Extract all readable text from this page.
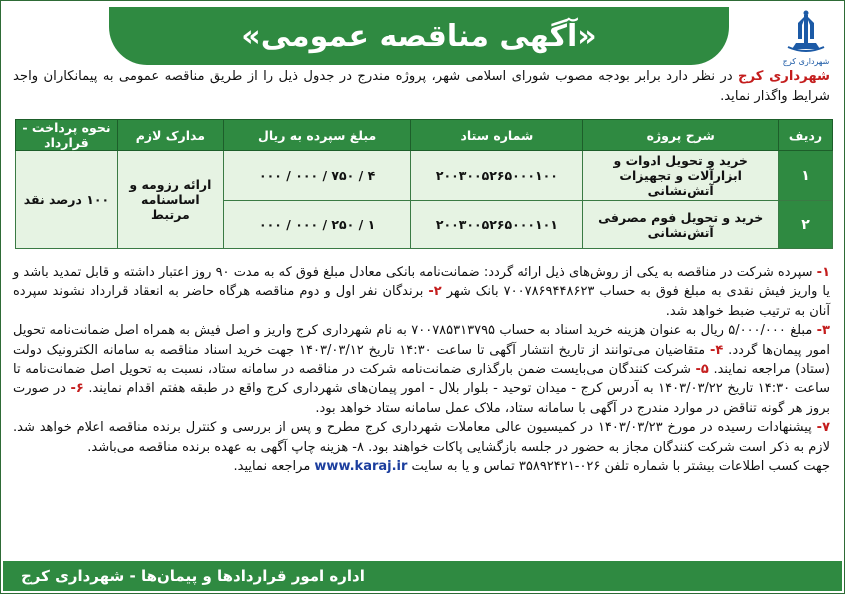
«آگهی مناقصه عمومی»
شهرداری کرج
شهرداری کرج در نظر دارد برابر بودجه مصوب شورای اسلامی شهر، پروژه مندرج در جدول ذیل را از طریق مناقصه عمومی به پیمانکاران واجد شرایط واگذار نماید.
ردیف	شرح پروژه	شماره ستاد	مبلغ سپرده به ریال	مدارک لازم	نحوه پرداخت - قرارداد
۱	خرید و تحویل ادوات و ابزارآلات و تجهیزات آتش‌نشانی	۲۰۰۳۰۰۵۲۶۵۰۰۰۱۰۰	۴ / ۷۵۰ / ۰۰۰ / ۰۰۰	ارائه رزومه و اساسنامه مرتبط	۱۰۰ درصد نقد
۲	خرید و تحویل فوم مصرفی آتش‌نشانی	۲۰۰۳۰۰۵۲۶۵۰۰۰۱۰۱	۱ / ۲۵۰ / ۰۰۰ / ۰۰۰		
۱- سپرده شرکت در مناقصه به یکی از روش‌های ذیل ارائه گردد: ضمانت‌نامه بانکی معادل مبلغ فوق که به مدت ۹۰ روز اعتبار داشته و قابل تمدید باشد و یا واریز فیش نقدی به مبلغ فوق به حساب ۷۰۰۷۸۶۹۴۴۸۶۲۳ بانک شهر ۲- برندگان نفر اول و دوم مناقصه هرگاه حاضر به انعقاد قرارداد نشوند سپرده آنان به ترتیب ضبط خواهد شد.
۳- مبلغ ۵/۰۰۰/۰۰۰ ریال به عنوان هزینه خرید اسناد به حساب ۷۰۰۷۸۵۳۱۳۷۹۵ به نام شهرداری کرج واریز و اصل فیش به همراه اصل ضمانت‌نامه تحویل امور پیمان‌ها گردد. ۴- متقاضیان می‌توانند از تاریخ انتشار آگهی تا ساعت ۱۴:۳۰ تاریخ ۱۴۰۳/۰۳/۱۲ جهت خرید اسناد مناقصه به سامانه الکترونیک دولت (ستاد) مراجعه نمایند. ۵- شرکت کنندگان می‌بایست ضمن بارگذاری ضمانت‌نامه شرکت در مناقصه در سامانه ستاد، نسبت به تحویل اصل ضمانت‌نامه تا ساعت ۱۴:۳۰ تاریخ ۱۴۰۳/۰۳/۲۲ به آدرس کرج - میدان توحید - بلوار بلال - امور پیمان‌های شهرداری کرج واقع در طبقه هفتم اقدام نمایند. ۶- در صورت بروز هر گونه تناقض در موارد مندرج در آگهی با سامانه ستاد، ملاک عمل سامانه ستاد خواهد بود.
۷- پیشنهادات رسیده در مورخ ۱۴۰۳/۰۳/۲۳ در کمیسیون عالی معاملات شهرداری کرج مطرح و پس از بررسی و کنترل برنده مناقصه اعلام خواهد شد. لازم به ذکر است شرکت کنندگان مجاز به حضور در جلسه بازگشایی پاکات خواهند بود. ۸- هزینه چاپ آگهی به عهده برنده مناقصه می‌باشد.
جهت کسب اطلاعات بیشتر با شماره تلفن ۰۲۶-۳۵۸۹۲۴۲۱ تماس و یا به سایت www.karaj.ir مراجعه نمایید.
اداره امور قراردادها و پیمان‌ها - شهرداری کرج
